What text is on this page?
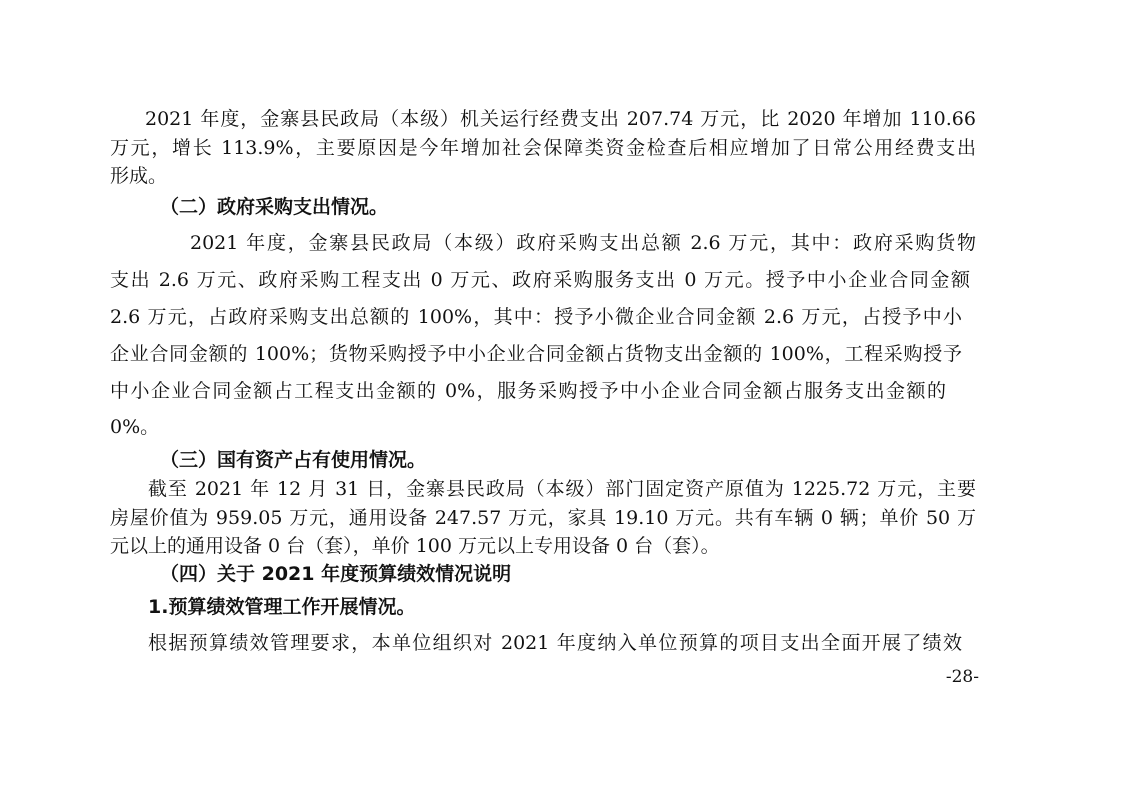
2021 年度，金寨县民政局（本级）机关运行经费支出 207.74 万元，比 2020 年增加 110.66
万元，增长 113.9%，主要原因是今年增加社会保障类资金检查后相应增加了日常公用经费支出
形成。
（二）政府采购支出情况。
2021 年度，金寨县民政局（本级）政府采购支出总额 2.6 万元，其中：政府采购货物
支出 2.6 万元、政府采购工程支出 0 万元、政府采购服务支出 0 万元。授予中小企业合同金额
2.6 万元，占政府采购支出总额的 100%，其中：授予小微企业合同金额 2.6 万元，占授予中小
企业合同金额的 100%；货物采购授予中小企业合同金额占货物支出金额的 100%，工程采购授予
中小企业合同金额占工程支出金额的 0%，服务采购授予中小企业合同金额占服务支出金额的
0%。
（三）国有资产占有使用情况。
截至 2021 年 12 月 31 日，金寨县民政局（本级）部门固定资产原值为 1225.72 万元，主要
房屋价值为 959.05 万元，通用设备 247.57 万元，家具 19.10 万元。共有车辆 0 辆；单价 50 万
元以上的通用设备 0 台（套），单价 100 万元以上专用设备 0 台（套）。
（四）关于 2021 年度预算绩效情况说明
1.预算绩效管理工作开展情况。
根据预算绩效管理要求，本单位组织对 2021 年度纳入单位预算的项目支出全面开展了绩效
-28-
